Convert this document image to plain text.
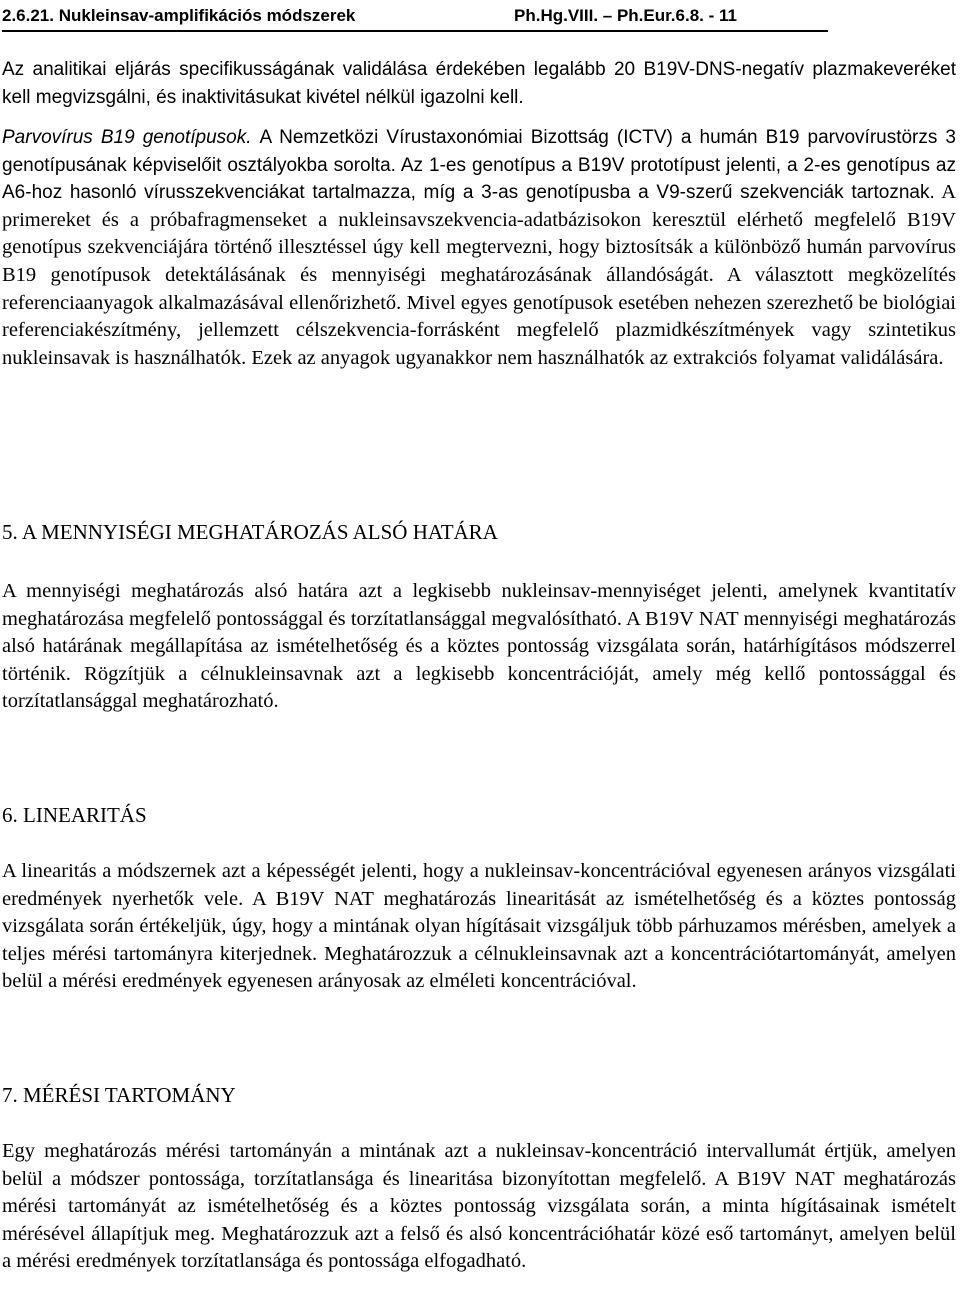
2.6.21. Nukleinsav-amplifikációs módszerek	Ph.Hg.VIII. – Ph.Eur.6.8. - 11

Az analitikai eljárás specifikusságának validálása érdekében legalább 20 B19V-DNS-negatív plazmakeveréket kell megvizsgálni, és inaktivitásukat kivétel nélkül igazolni kell.

Parvovírus B19 genotípusok. A Nemzetközi Vírustaxonómiai Bizottság (ICTV) a humán B19 parvovírustörzs 3 genotípusának képviselőit osztályokba sorolta. Az 1-es genotípus a B19V prototípust jelenti, a 2-es genotípus az A6-hoz hasonló vírusszekvenciákat tartalmazza, míg a 3-as genotípusba a V9-szerű szekvenciák tartoznak. A primereket és a próbafragmenseket a nukleinsavszekvencia-adatbázisokon keresztül elérhető megfelelő B19V genotípus szekvenciájára történő illesztéssel úgy kell megtervezni, hogy biztosítsák a különböző humán parvovírus B19 genotípusok detektálásának és mennyiségi meghatározásának állandóságát. A választott megközelítés referenciaanyagok alkalmazásával ellenőrizhető. Mivel egyes genotípusok esetében nehezen szerezhető be biológiai referenciakészítmény, jellemzett célszekvencia-forrásként megfelelő plazmidkészítmények vagy szintetikus nukleinsavak is használhatók. Ezek az anyagok ugyanakkor nem használhatók az extrakciós folyamat validálására.

5. A MENNYISÉGI MEGHATÁROZÁS ALSÓ HATÁRA

A mennyiségi meghatározás alsó határa azt a legkisebb nukleinsav-mennyiséget jelenti, amelynek kvantitatív meghatározása megfelelő pontossággal és torzítatlansággal megvalósítható. A B19V NAT mennyiségi meghatározás alsó határának megállapítása az ismételhetőség és a köztes pontosság vizsgálata során, határhígításos módszerrel történik. Rögzítjük a célnukleinsavnak azt a legkisebb koncentrációját, amely még kellő pontossággal és torzítatlansággal meghatározható.

6. LINEARITÁS

A linearitás a módszernek azt a képességét jelenti, hogy a nukleinsav-koncentrációval egyenesen arányos vizsgálati eredmények nyerhetők vele. A B19V NAT meghatározás linearitását az ismételhetőség és a köztes pontosság vizsgálata során értékeljük, úgy, hogy a mintának olyan hígításait vizsgáljuk több párhuzamos mérésben, amelyek a teljes mérési tartományra kiterjednek. Meghatározzuk a célnukleinsavnak azt a koncentrációtartományát, amelyen belül a mérési eredmények egyenesen arányosak az elméleti koncentrációval.

7. MÉRÉSI TARTOMÁNY

Egy meghatározás mérési tartományán a mintának azt a nukleinsav-koncentráció intervallumát értjük, amelyen belül a módszer pontossága, torzítatlansága és linearitása bizonyítottan megfelelő. A B19V NAT meghatározás mérési tartományát az ismételhetőség és a köztes pontosság vizsgálata során, a minta hígításainak ismételt mérésével állapítjuk meg. Meghatározzuk azt a felső és alsó koncentrációhatár közé eső tartományt, amelyen belül a mérési eredmények torzítatlansága és pontossága elfogadható.
